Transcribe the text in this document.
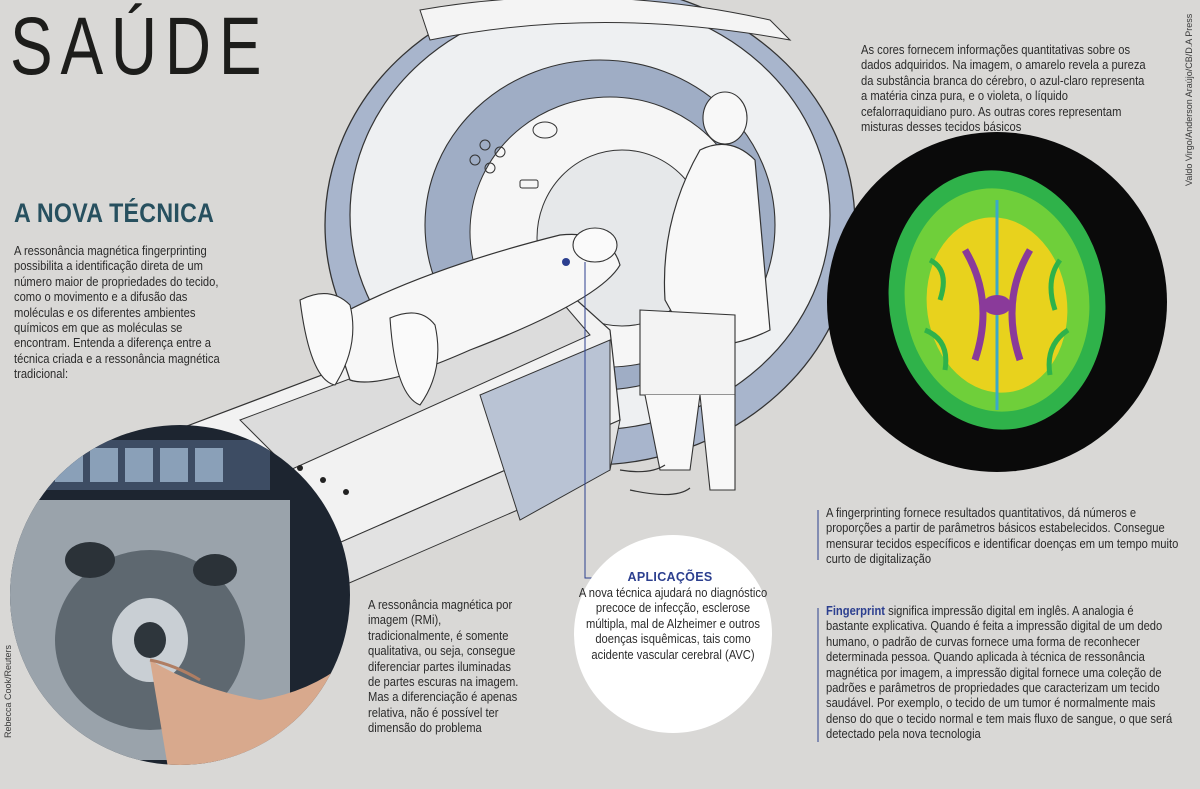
SAÚDE
A NOVA TÉCNICA
A ressonância magnética fingerprinting possibilita a identificação direta de um número maior de propriedades do tecido, como o movimento e a difusão das moléculas e os diferentes ambientes químicos em que as moléculas se encontram. Entenda a diferença entre a técnica criada e a ressonância magnética tradicional:
As cores fornecem informações quantitativas sobre os dados adquiridos. Na imagem, o amarelo revela a pureza da substância branca do cérebro, o azul-claro representa a matéria cinza pura, e o violeta, o líquido cefalorraquidiano puro. As outras cores representam misturas desses tecidos básicos
A ressonância magnética por imagem (RMi), tradicionalmente, é somente qualitativa, ou seja, consegue diferenciar partes iluminadas de partes escuras na imagem. Mas a diferenciação é apenas relativa, não é possível ter dimensão do problema
APLICAÇÕES
A nova técnica ajudará no diagnóstico precoce de infecção, esclerose múltipla, mal de Alzheimer e outros doenças isquêmicas, tais como acidente vascular cerebral (AVC)
A fingerprinting fornece resultados quantitativos, dá números e proporções a partir de parâmetros básicos estabelecidos. Consegue mensurar tecidos específicos e identificar doenças em um tempo muito curto de digitalização
Fingerprint significa impressão digital em inglês. A analogia é bastante explicativa. Quando é feita a impressão digital de um dedo humano, o padrão de curvas fornece uma forma de reconhecer determinada pessoa. Quando aplicada à técnica de ressonância magnética por imagem, a impressão digital fornece uma coleção de padrões e parâmetros de propriedades que caracterizam um tecido saudável. Por exemplo, o tecido de um tumor é normalmente mais denso do que o tecido normal e tem mais fluxo de sangue, o que será detectado pela nova tecnologia
Valdo Virgo/Anderson Araújo/CB/D.A Press
Rebecca Cook/Reuters
